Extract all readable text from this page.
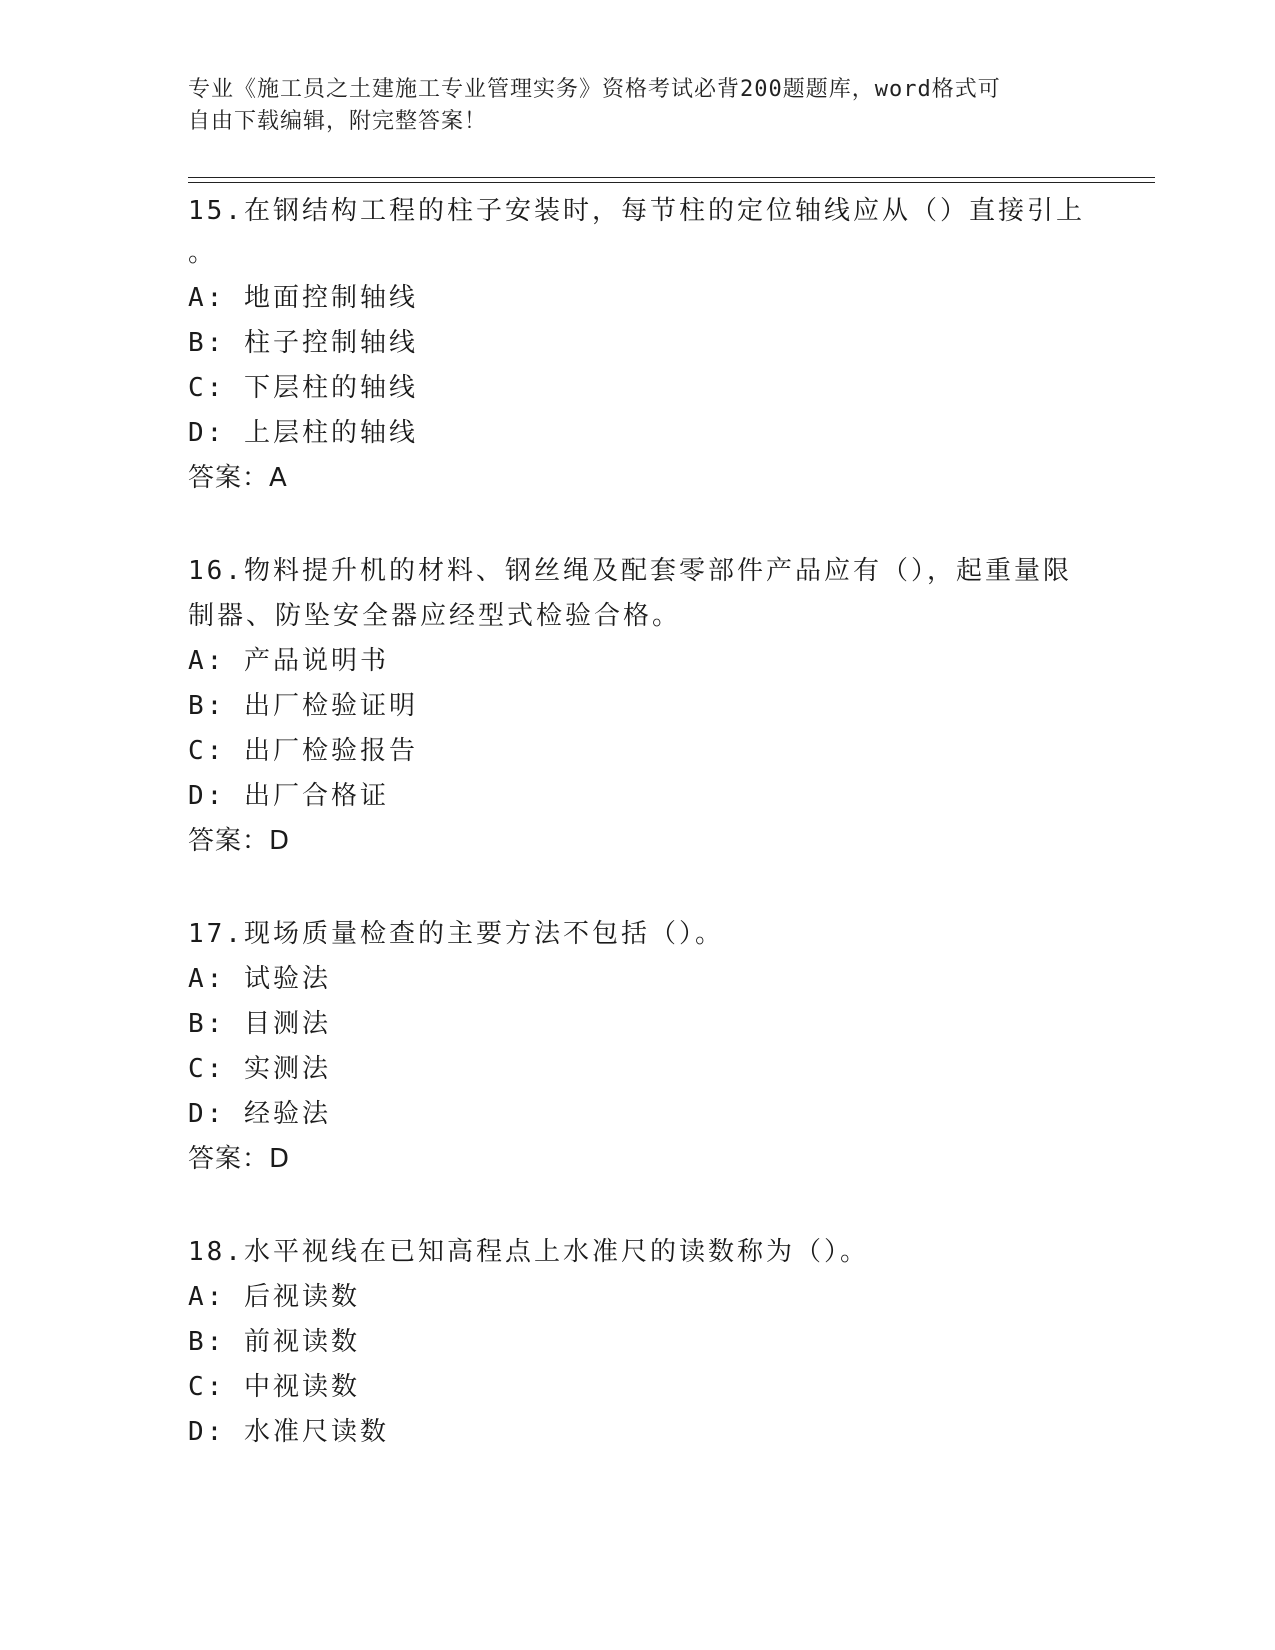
专业《施工员之土建施工专业管理实务》资格考试必背200题题库，word格式可
自由下载编辑，附完整答案！
15.在钢结构工程的柱子安装时，每节柱的定位轴线应从（）直接引上
。
A: 地面控制轴线
B: 柱子控制轴线
C: 下层柱的轴线
D: 上层柱的轴线
答案：A
16.物料提升机的材料、钢丝绳及配套零部件产品应有（），起重量限
制器、防坠安全器应经型式检验合格。
A: 产品说明书
B: 出厂检验证明
C: 出厂检验报告
D: 出厂合格证
答案：D
17.现场质量检查的主要方法不包括（）。
A: 试验法
B: 目测法
C: 实测法
D: 经验法
答案：D
18.水平视线在已知高程点上水准尺的读数称为（）。
A: 后视读数
B: 前视读数
C: 中视读数
D: 水准尺读数
